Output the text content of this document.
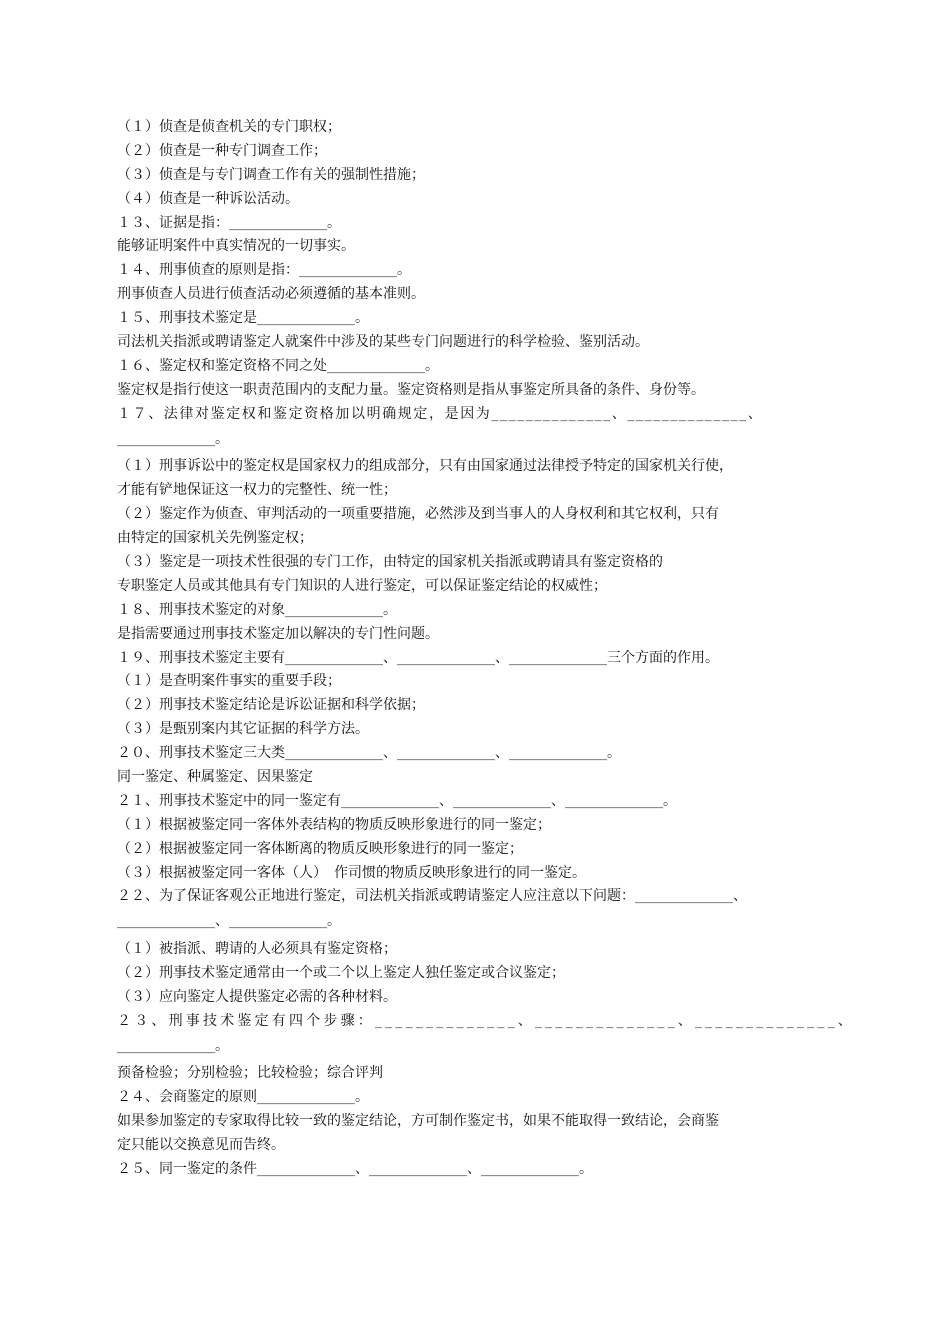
（１）侦查是侦查机关的专门职权；
（２）侦查是一种专门调查工作；
（３）侦查是与专门调查工作有关的强制性措施；
（４）侦查是一种诉讼活动。
１３、证据是指：______________。
能够证明案件中真实情况的一切事实。
１４、刑事侦查的原则是指：______________。
刑事侦查人员进行侦查活动必须遵循的基本准则。
１５、刑事技术鉴定是______________。
司法机关指派或聘请鉴定人就案件中涉及的某些专门问题进行的科学检验、鉴别活动。
１６、鉴定权和鉴定资格不同之处______________。
鉴定权是指行使这一职责范围内的支配力量。鉴定资格则是指从事鉴定所具备的条件、身份等。
１７、法律对鉴定权和鉴定资格加以明确规定，是因为______________、______________、
______________。
（１）刑事诉讼中的鉴定权是国家权力的组成部分，只有由国家通过法律授予特定的国家机关行使，
才能有铲地保证这一权力的完整性、统一性；
（２）鉴定作为侦查、审判活动的一项重要措施，必然涉及到当事人的人身权利和其它权利，只有
由特定的国家机关先例鉴定权；
（３）鉴定是一项技术性很强的专门工作，由特定的国家机关指派或聘请具有鉴定资格的
专职鉴定人员或其他具有专门知识的人进行鉴定，可以保证鉴定结论的权威性；
１８、刑事技术鉴定的对象______________。
是指需要通过刑事技术鉴定加以解决的专门性问题。
１９、刑事技术鉴定主要有______________、______________、______________三个方面的作用。
（１）是查明案件事实的重要手段；
（２）刑事技术鉴定结论是诉讼证据和科学依据；
（３）是甄别案内其它证据的科学方法。
２０、刑事技术鉴定三大类______________、______________、______________。
同一鉴定、种属鉴定、因果鉴定
２１、刑事技术鉴定中的同一鉴定有______________、______________、______________。
（１）根据被鉴定同一客体外表结构的物质反映形象进行的同一鉴定；
（２）根据被鉴定同一客体断离的物质反映形象进行的同一鉴定；
（３）根据被鉴定同一客体（人）　作司惯的物质反映形象进行的同一鉴定。
２２、为了保证客观公正地进行鉴定，司法机关指派或聘请鉴定人应注意以下问题：______________、
______________、______________。
（１）被指派、聘请的人必须具有鉴定资格；
（２）刑事技术鉴定通常由一个或二个以上鉴定人独任鉴定或合议鉴定；
（３）应向鉴定人提供鉴定必需的各种材料。
２３、刑事技术鉴定有四个步骤：______________、______________、______________、
______________。
预备检验；分别检验；比较检验；综合评判
２４、会商鉴定的原则______________。
如果参加鉴定的专家取得比较一致的鉴定结论，方可制作鉴定书，如果不能取得一致结论，会商鉴
定只能以交换意见而告终。
２５、同一鉴定的条件______________、______________、______________。
